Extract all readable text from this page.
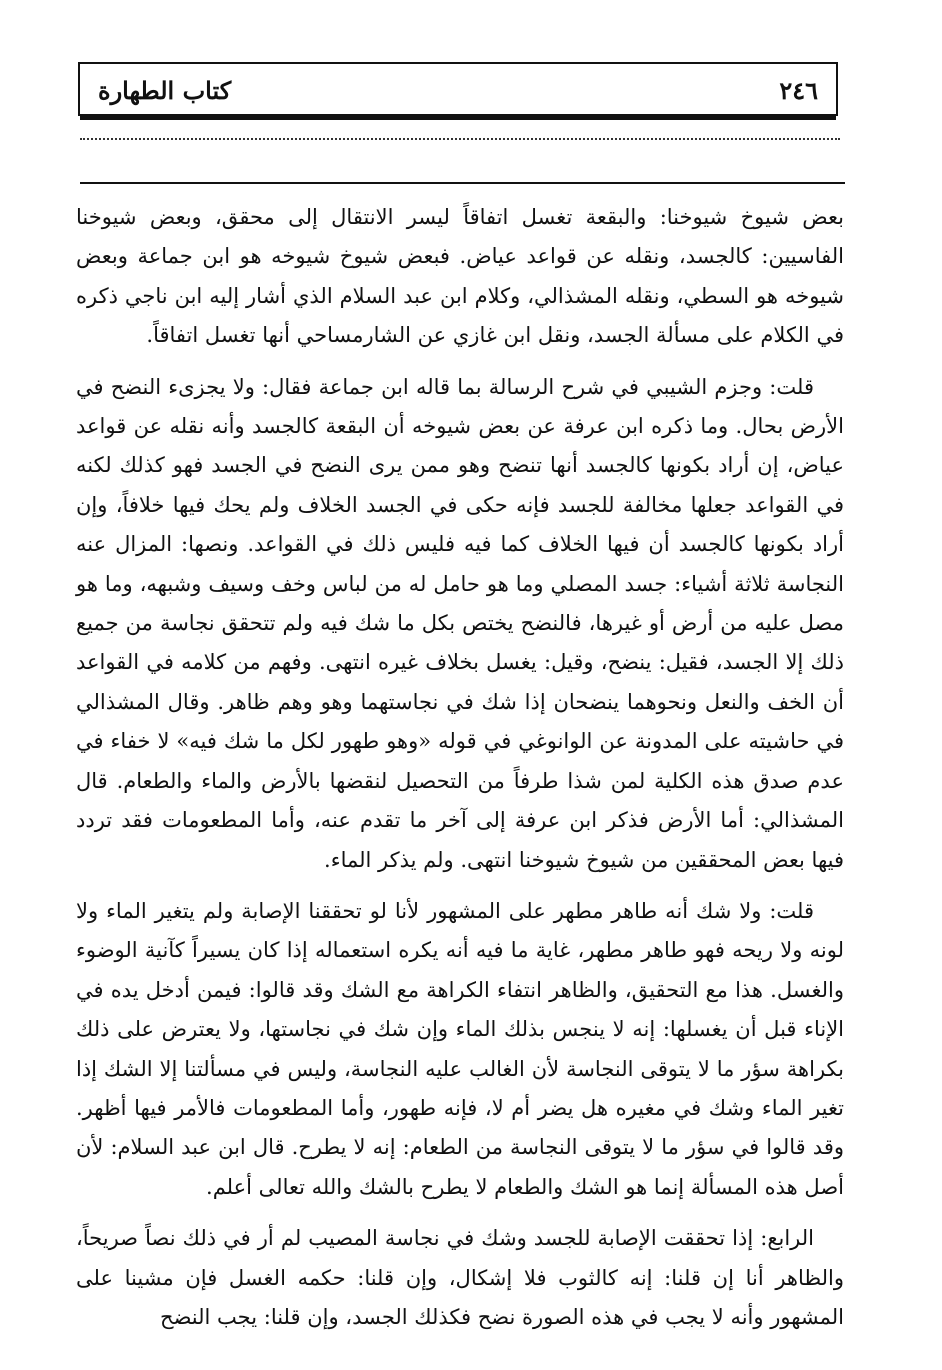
٢٤٦
كتاب الطهارة

بعض شيوخ شيوخنا: والبقعة تغسل اتفاقاً ليسر الانتقال إلى محقق، وبعض شيوخنا الفاسيين: كالجسد، ونقله عن قواعد عياض. فبعض شيوخ شيوخه هو ابن جماعة وبعض شيوخه هو السطي، ونقله المشذالي، وكلام ابن عبد السلام الذي أشار إليه ابن ناجي ذكره في الكلام على مسألة الجسد، ونقل ابن غازي عن الشارمساحي أنها تغسل اتفاقاً.

قلت: وجزم الشيبي في شرح الرسالة بما قاله ابن جماعة فقال: ولا يجزىء النضح في الأرض بحال. وما ذكره ابن عرفة عن بعض شيوخه أن البقعة كالجسد وأنه نقله عن قواعد عياض، إن أراد بكونها كالجسد أنها تنضح وهو ممن يرى النضح في الجسد فهو كذلك لكنه في القواعد جعلها مخالفة للجسد فإنه حكى في الجسد الخلاف ولم يحك فيها خلافاً، وإن أراد بكونها كالجسد أن فيها الخلاف كما فيه فليس ذلك في القواعد. ونصها: المزال عنه النجاسة ثلاثة أشياء: جسد المصلي وما هو حامل له من لباس وخف وسيف وشبهه، وما هو مصل عليه من أرض أو غيرها، فالنضح يختص بكل ما شك فيه ولم تتحقق نجاسة من جميع ذلك إلا الجسد، فقيل: ينضح، وقيل: يغسل بخلاف غيره انتهى. وفهم من كلامه في القواعد أن الخف والنعل ونحوهما ينضحان إذا شك في نجاستهما وهو وهم ظاهر. وقال المشذالي في حاشيته على المدونة عن الوانوغي في قوله «وهو طهور لكل ما شك فيه» لا خفاء في عدم صدق هذه الكلية لمن شذا طرفاً من التحصيل لنقضها بالأرض والماء والطعام. قال المشذالي: أما الأرض فذكر ابن عرفة إلى آخر ما تقدم عنه، وأما المطعومات فقد تردد فيها بعض المحققين من شيوخ شيوخنا انتهى. ولم يذكر الماء.

قلت: ولا شك أنه طاهر مطهر على المشهور لأنا لو تحققنا الإصابة ولم يتغير الماء ولا لونه ولا ريحه فهو طاهر مطهر، غاية ما فيه أنه يكره استعماله إذا كان يسيراً كآنية الوضوء والغسل. هذا مع التحقيق، والظاهر انتفاء الكراهة مع الشك وقد قالوا: فيمن أدخل يده في الإناء قبل أن يغسلها: إنه لا ينجس بذلك الماء وإن شك في نجاستها، ولا يعترض على ذلك بكراهة سؤر ما لا يتوقى النجاسة لأن الغالب عليه النجاسة، وليس في مسألتنا إلا الشك إذا تغير الماء وشك في مغيره هل يضر أم لا، فإنه طهور، وأما المطعومات فالأمر فيها أظهر. وقد قالوا في سؤر ما لا يتوقى النجاسة من الطعام: إنه لا يطرح. قال ابن عبد السلام: لأن أصل هذه المسألة إنما هو الشك والطعام لا يطرح بالشك والله تعالى أعلم.

الرابع: إذا تحققت الإصابة للجسد وشك في نجاسة المصيب لم أر في ذلك نصاً صريحاً، والظاهر أنا إن قلنا: إنه كالثوب فلا إشكال، وإن قلنا: حكمه الغسل فإن مشينا على المشهور وأنه لا يجب في هذه الصورة نضح فكذلك الجسد، وإن قلنا: يجب النضح
